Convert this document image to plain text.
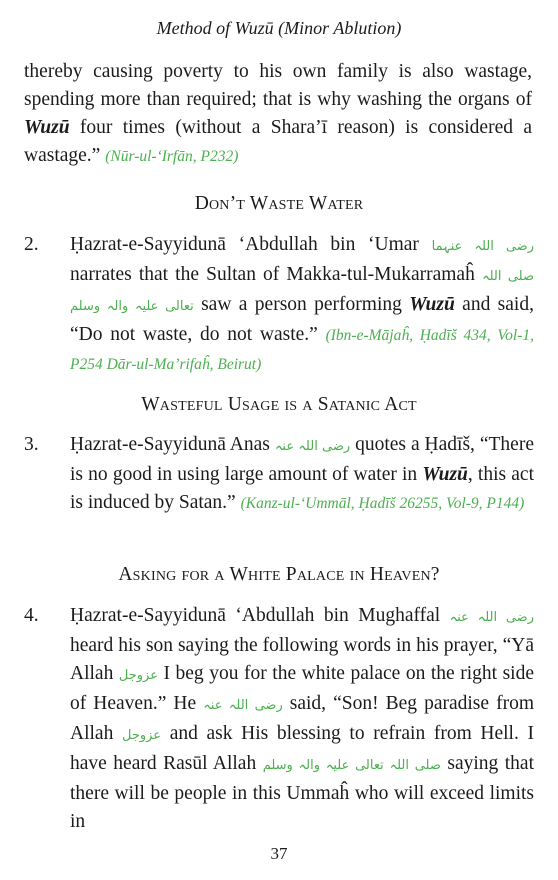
Method of Wuzū (Minor Ablution)
thereby causing poverty to his own family is also wastage, spending more than required; that is why washing the organs of Wuzū four times (without a Shara’ī reason) is considered a wastage.” (Nūr-ul-‘Irfān, P232)
Don’t Waste Water
2. Ḥazrat-e-Sayyidunā ‘Abdullah bin ‘Umar رضی اللہ عنہما narrates that the Sultan of Makka-tul-Mukarramaĥ صلی اللہ تعالی علیہ والہ وسلم saw a person performing Wuzū and said, “Do not waste, do not waste.” (Ibn-e-Mājaĥ, Ḥadīš 434, Vol-1, P254 Dār-ul-Ma’rifaĥ, Beirut)
Wasteful Usage is a Satanic Act
3. Ḥazrat-e-Sayyidunā Anas رضی اللہ عنہ quotes a Ḥadīš, “There is no good in using large amount of water in Wuzū, this act is induced by Satan.” (Kanz-ul-‘Ummāl, Ḥadīš 26255, Vol-9, P144)
Asking for a White Palace in Heaven?
4. Ḥazrat-e-Sayyidunā ‘Abdullah bin Mughaffal رضی اللہ عنہ heard his son saying the following words in his prayer, “Yā Allah عزوجل I beg you for the white palace on the right side of Heaven.” He رضی اللہ عنہ said, “Son! Beg paradise from Allah عزوجل and ask His blessing to refrain from Hell. I have heard Rasūl Allah صلی اللہ تعالی علیہ والہ وسلم saying that there will be people in this Ummaĥ who will exceed limits in
37
